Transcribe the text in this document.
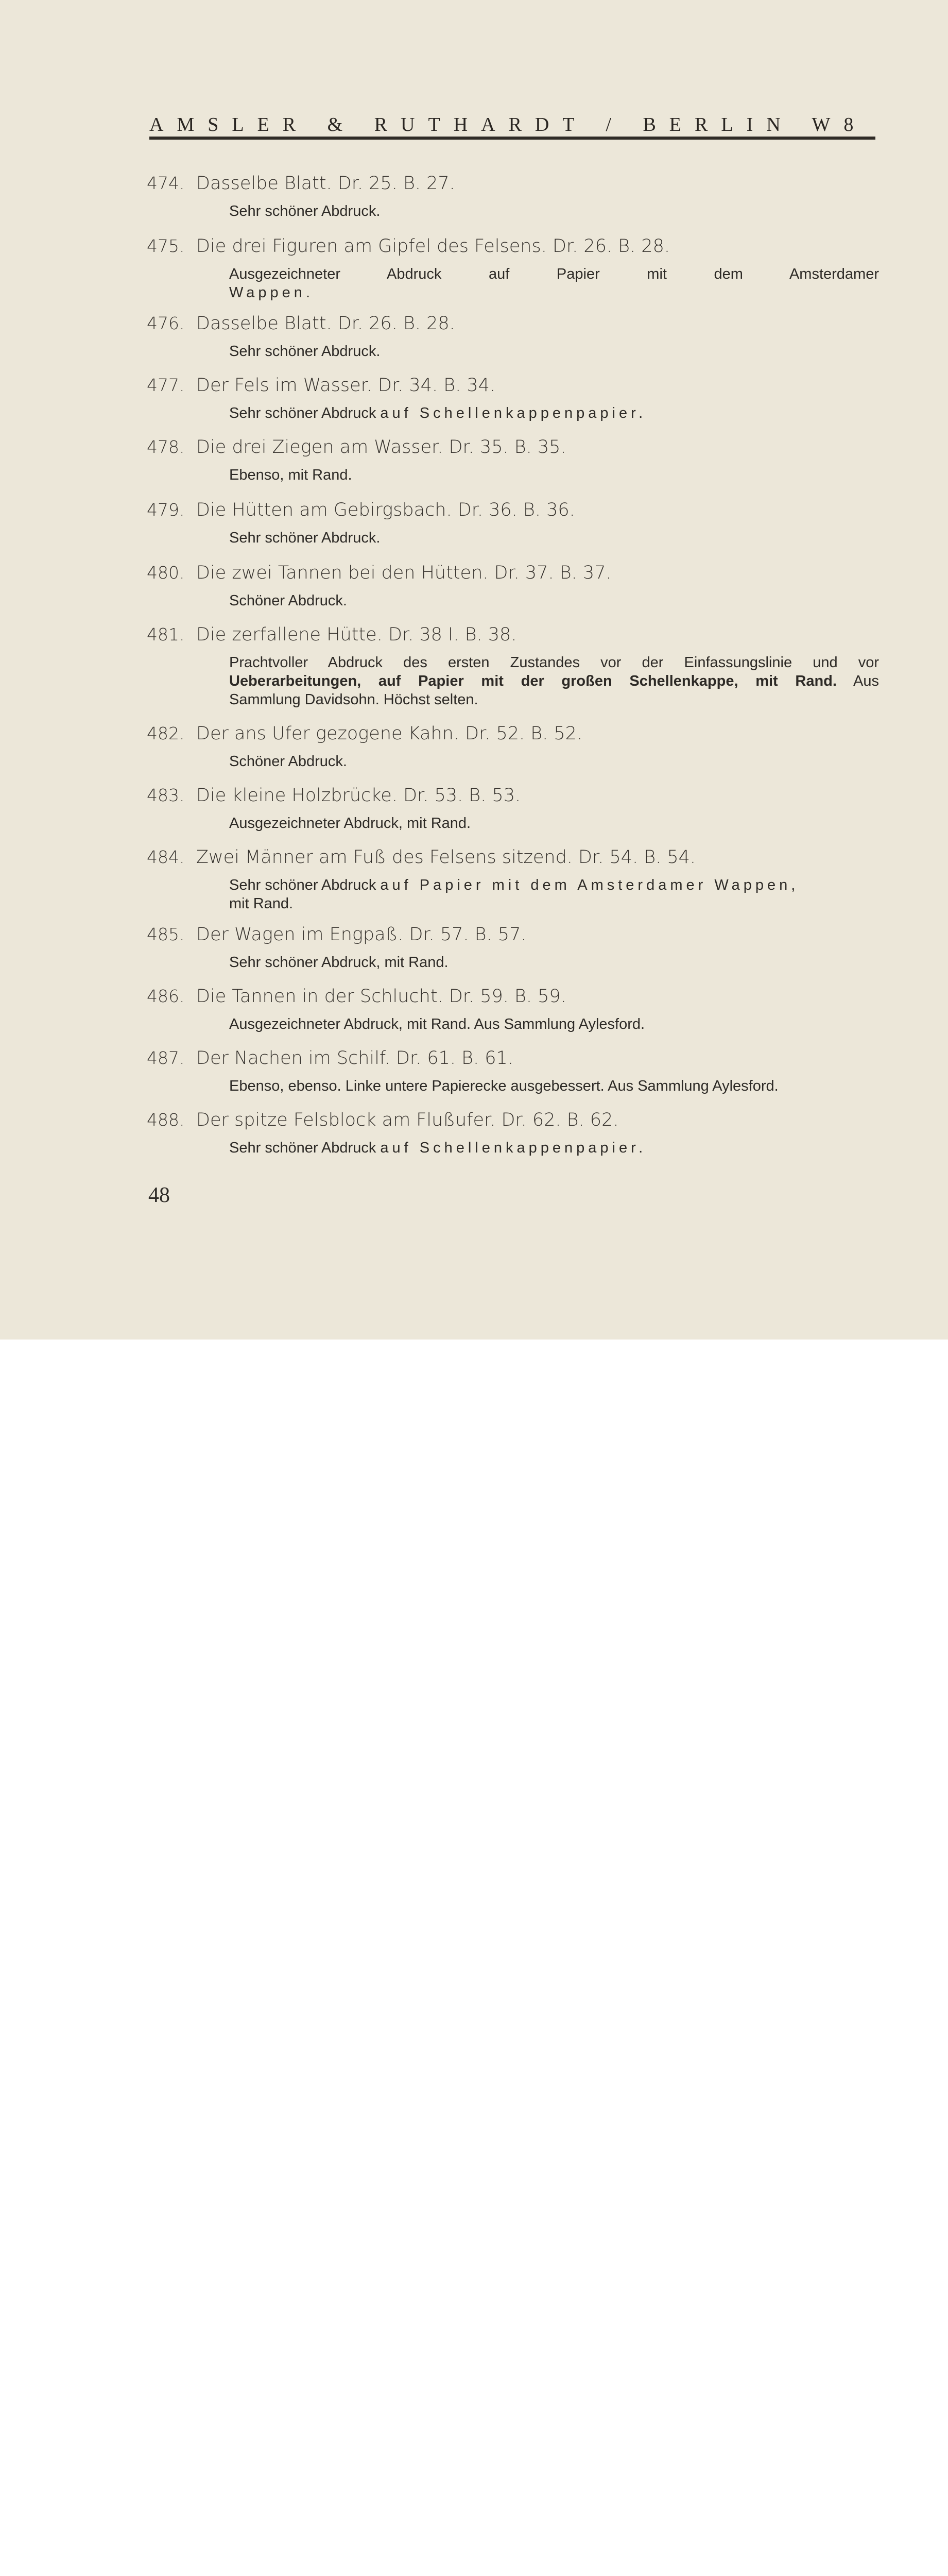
AMSLER & RUTHARDT / BERLIN W8
474. Dasselbe Blatt. Dr. 25. B. 27.
Sehr schöner Abdruck.
475. Die drei Figuren am Gipfel des Felsens. Dr. 26. B. 28.
Ausgezeichneter Abdruck auf Papier mit dem Amsterdamer
Wappen.
476. Dasselbe Blatt. Dr. 26. B. 28.
Sehr schöner Abdruck.
477. Der Fels im Wasser. Dr. 34. B. 34.
Sehr schöner Abdruck auf Schellenkappenpapier.
478. Die drei Ziegen am Wasser. Dr. 35. B. 35.
Ebenso, mit Rand.
479. Die Hütten am Gebirgsbach. Dr. 36. B. 36.
Sehr schöner Abdruck.
480. Die zwei Tannen bei den Hütten. Dr. 37. B. 37.
Schöner Abdruck.
481. Die zerfallene Hütte. Dr. 38 I. B. 38.
Prachtvoller Abdruck des ersten Zustandes vor der Einfassungslinie und vor
Ueberarbeitungen, auf Papier mit der großen Schellenkappe, mit Rand. Aus
Sammlung Davidsohn. Höchst selten.
482. Der ans Ufer gezogene Kahn. Dr. 52. B. 52.
Schöner Abdruck.
483. Die kleine Holzbrücke. Dr. 53. B. 53.
Ausgezeichneter Abdruck, mit Rand.
484. Zwei Männer am Fuß des Felsens sitzend. Dr. 54. B. 54.
Sehr schöner Abdruck auf Papier mit dem Amsterdamer Wappen,
mit Rand.
485. Der Wagen im Engpaß. Dr. 57. B. 57.
Sehr schöner Abdruck, mit Rand.
486. Die Tannen in der Schlucht. Dr. 59. B. 59.
Ausgezeichneter Abdruck, mit Rand. Aus Sammlung Aylesford.
487. Der Nachen im Schilf. Dr. 61. B. 61.
Ebenso, ebenso. Linke untere Papierecke ausgebessert. Aus Sammlung Aylesford.
488. Der spitze Felsblock am Flußufer. Dr. 62. B. 62.
Sehr schöner Abdruck auf Schellenkappenpapier.
48
